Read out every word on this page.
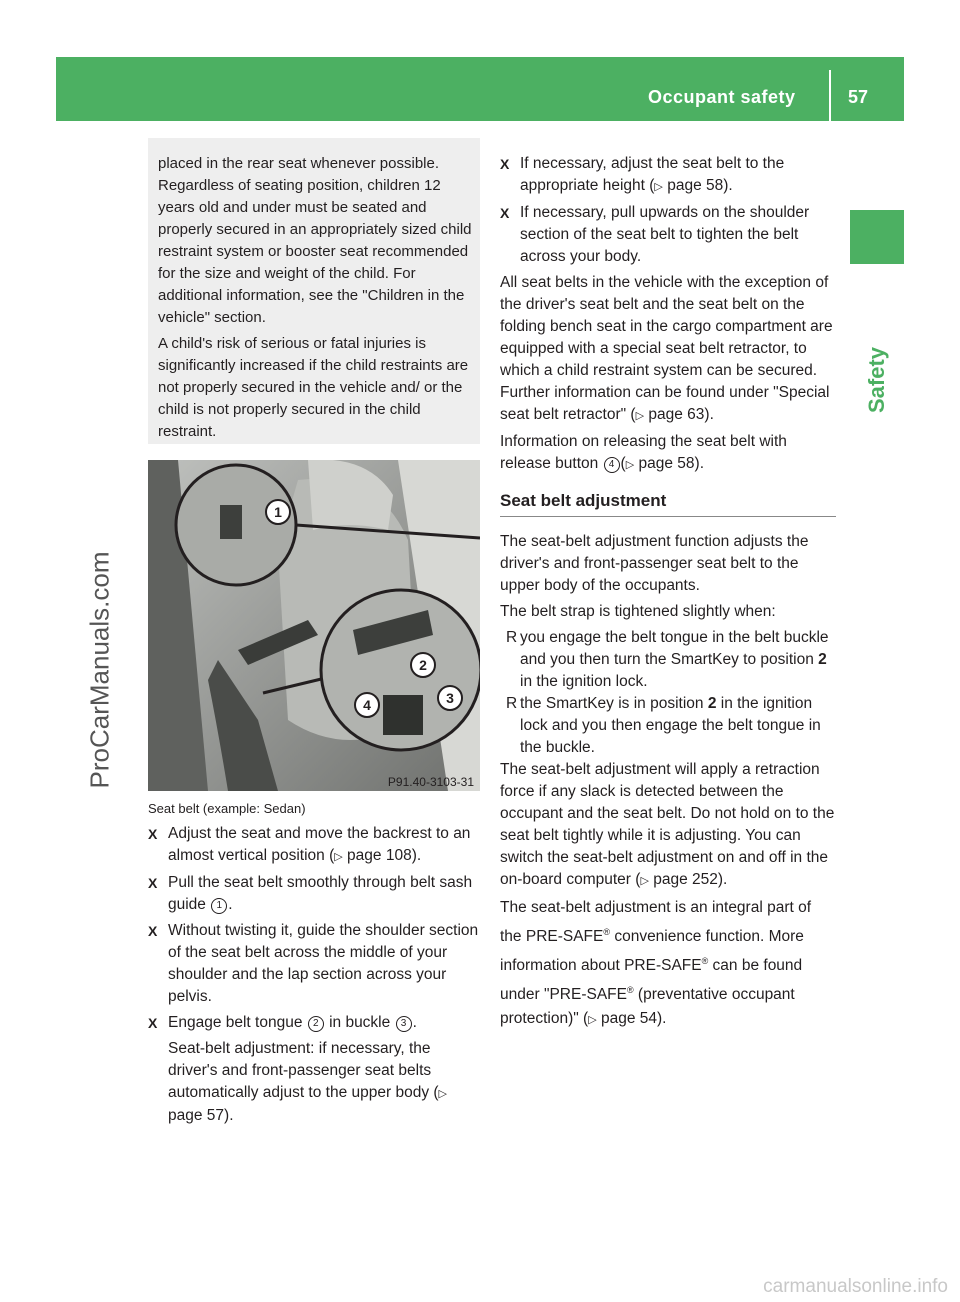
Occupant safety	57
Safety
ProCarManuals.com

placed in the rear seat whenever possible. Regardless of seating position, children 12 years old and under must be seated and properly secured in an appropriately sized child restraint system or booster seat recommended for the size and weight of the child. For additional information, see the "Children in the vehicle" section.

A child's risk of serious or fatal injuries is significantly increased if the child restraints are not properly secured in the vehicle and/ or the child is not properly secured in the child restraint.

1
2
3
4
P91.40-3103-31
Seat belt (example: Sedan)
X Adjust the seat and move the backrest to an almost vertical position (▷ page 108).
X Pull the seat belt smoothly through belt sash guide 1 .
X Without twisting it, guide the shoulder section of the seat belt across the middle of your shoulder and the lap section across your pelvis.
X Engage belt tongue 2 in buckle 3 .
Seat-belt adjustment: if necessary, the driver's and front-passenger seat belts automatically adjust to the upper body (▷ page 57).
X If necessary, adjust the seat belt to the appropriate height (▷ page 58).
X If necessary, pull upwards on the shoulder section of the seat belt to tighten the belt across your body.
All seat belts in the vehicle with the exception of the driver's seat belt and the seat belt on the folding bench seat in the cargo compartment are equipped with a special seat belt retractor, to which a child restraint system can be secured. Further information can be found under "Special seat belt retractor" (▷ page 63).
Information on releasing the seat belt with release button 4 (▷ page 58).
Seat belt adjustment
The seat-belt adjustment function adjusts the driver's and front-passenger seat belt to the upper body of the occupants.
The belt strap is tightened slightly when:
R you engage the belt tongue in the belt buckle and you then turn the SmartKey to position 2 in the ignition lock.
R the SmartKey is in position 2 in the ignition lock and you then engage the belt tongue in the buckle.
The seat-belt adjustment will apply a retraction force if any slack is detected between the occupant and the seat belt. Do not hold on to the seat belt tightly while it is adjusting. You can switch the seat-belt adjustment on and off in the on-board computer (▷ page 252).
The seat-belt adjustment is an integral part of the PRE-SAFE® convenience function. More information about PRE-SAFE® can be found under "PRE-SAFE® (preventative occupant protection)" (▷ page 54).
carmanualsonline.info
